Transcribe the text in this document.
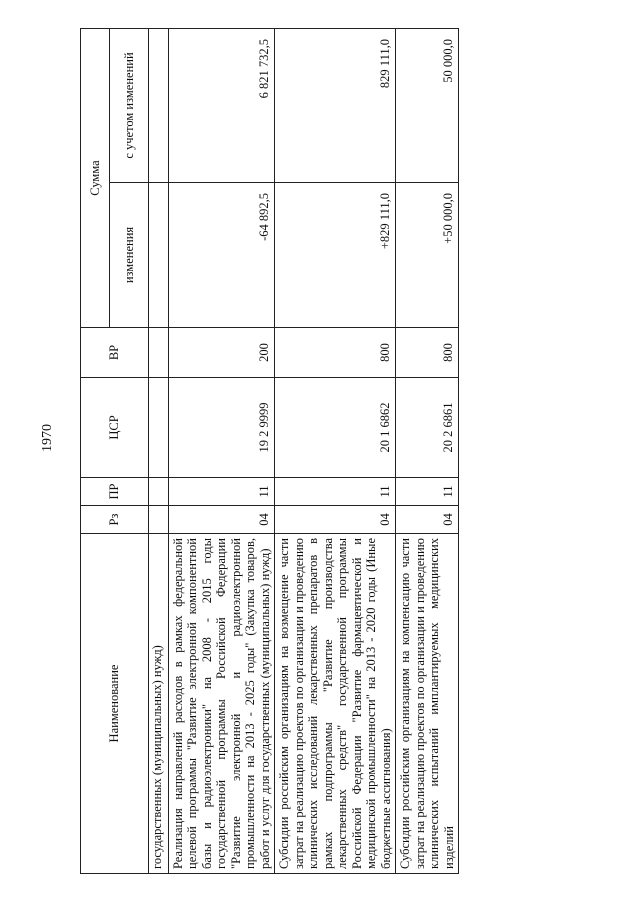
1970
Наименование	Рз	ПР	ЦСР	ВР	Сумма	
					изменения	с учетом изменений
государственных (муниципальных) нужд)						
Реализация направлений расходов в рамках федеральной целевой программы "Развитие электронной компонентной базы и радиоэлектроники" на 2008 - 2015 годы государственной программы Российской Федерации "Развитие электронной и радиоэлектронной промышленности на 2013 - 2025 годы" (Закупка товаров, работ и услуг для государственных (муниципальных) нужд)	04	11	19 2 9999	200	-64 892,5	6 821 732,5
Субсидии российским организациям на возмещение части затрат на реализацию проектов по организации и проведению клинических исследований лекарственных препаратов в рамках подпрограммы "Развитие производства лекарственных средств" государственной программы Российской Федерации "Развитие фармацевтической и медицинской промышленности" на 2013 - 2020 годы (Иные бюджетные ассигнования)	04	11	20 1 6862	800	+829 111,0	829 111,0
Субсидии российским организациям на компенсацию части затрат на реализацию проектов по организации и проведению клинических испытаний имплантируемых медицинских изделий	04	11	20 2 6861	800	+50 000,0	50 000,0
